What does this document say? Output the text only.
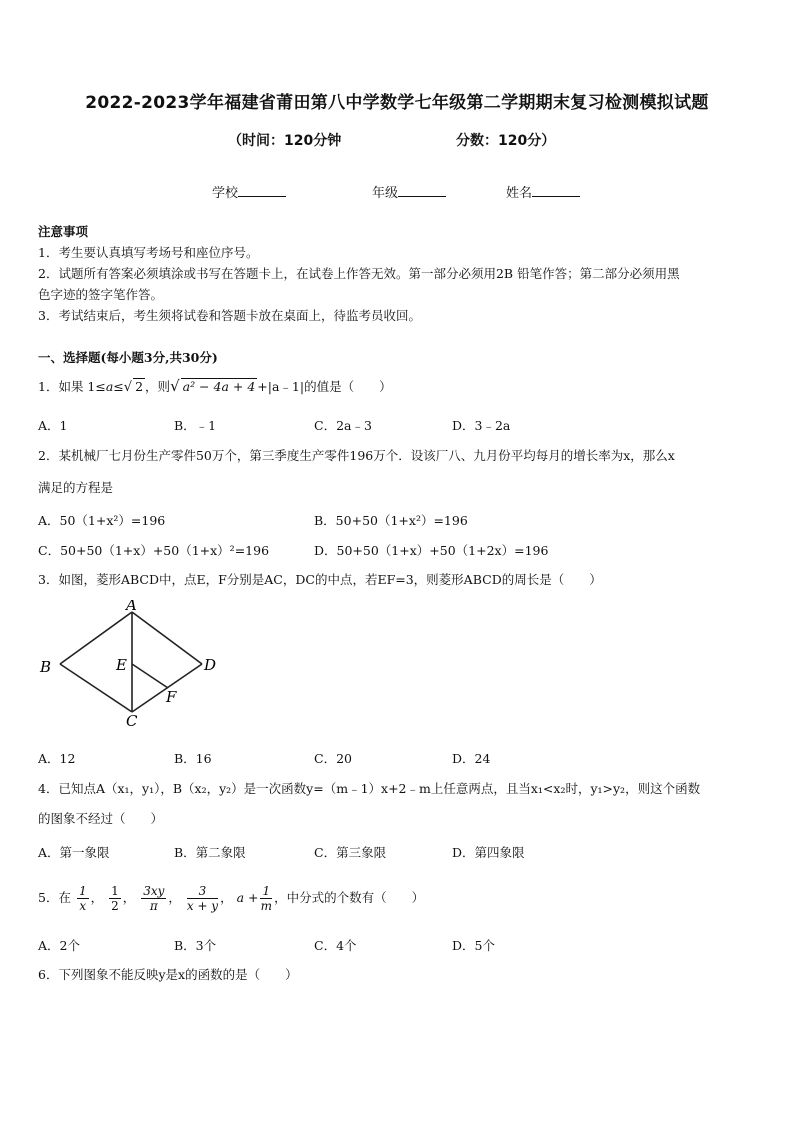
2022-2023学年福建省莆田第八中学数学七年级第二学期期末复习检测模拟试题
（时间：120分钟	分数：120分）
学校	年级	姓名
注意事项
1．考生要认真填写考场号和座位序号。
2．试题所有答案必须填涂或书写在答题卡上，在试卷上作答无效。第一部分必须用2B 铅笔作答；第二部分必须用黑
色字迹的签字笔作答。
3．考试结束后，考生须将试卷和答题卡放在桌面上，待监考员收回。
一、选择题(每小题3分,共30分)
1．如果 1≤a≤√ 2 ，则√ a² − 4a + 4 +|a﹣1|的值是（　　）
A．1	B．﹣1	C．2a﹣3	D．3﹣2a
2．某机械厂七月份生产零件50万个，第三季度生产零件196万个．设该厂八、九月份平均每月的增长率为x，那么x
满足的方程是
A．50（1+x²）=196	B．50+50（1+x²）=196
C．50+50（1+x）+50（1+x）²=196	D．50+50（1+x）+50（1+2x）=196
3．如图，菱形ABCD中，点E，F分别是AC，DC的中点，若EF=3，则菱形ABCD的周长是（　　）
A
B
C
D
E
F
A．12	B．16	C．20	D．24
4．已知点A（x₁，y₁），B（x₂，y₂）是一次函数y=（m﹣1）x+2﹣m上任意两点，且当x₁<x₂时，y₁>y₂，则这个函数
的图象不经过（　　）
A．第一象限	B．第二象限	C．第三象限	D．第四象限
5．在 $\frac{1}{x}$ ， $\frac{1}{2}$ ， $\frac{3xy}{\pi}$ ， $\frac{3}{x + y}$ ， $a + \frac{1}{m}$ ，中分式的个数有（　　）
A．2个	B．3个	C．4个	D．5个
6．下列图象不能反映y是x的函数的是（　　）
